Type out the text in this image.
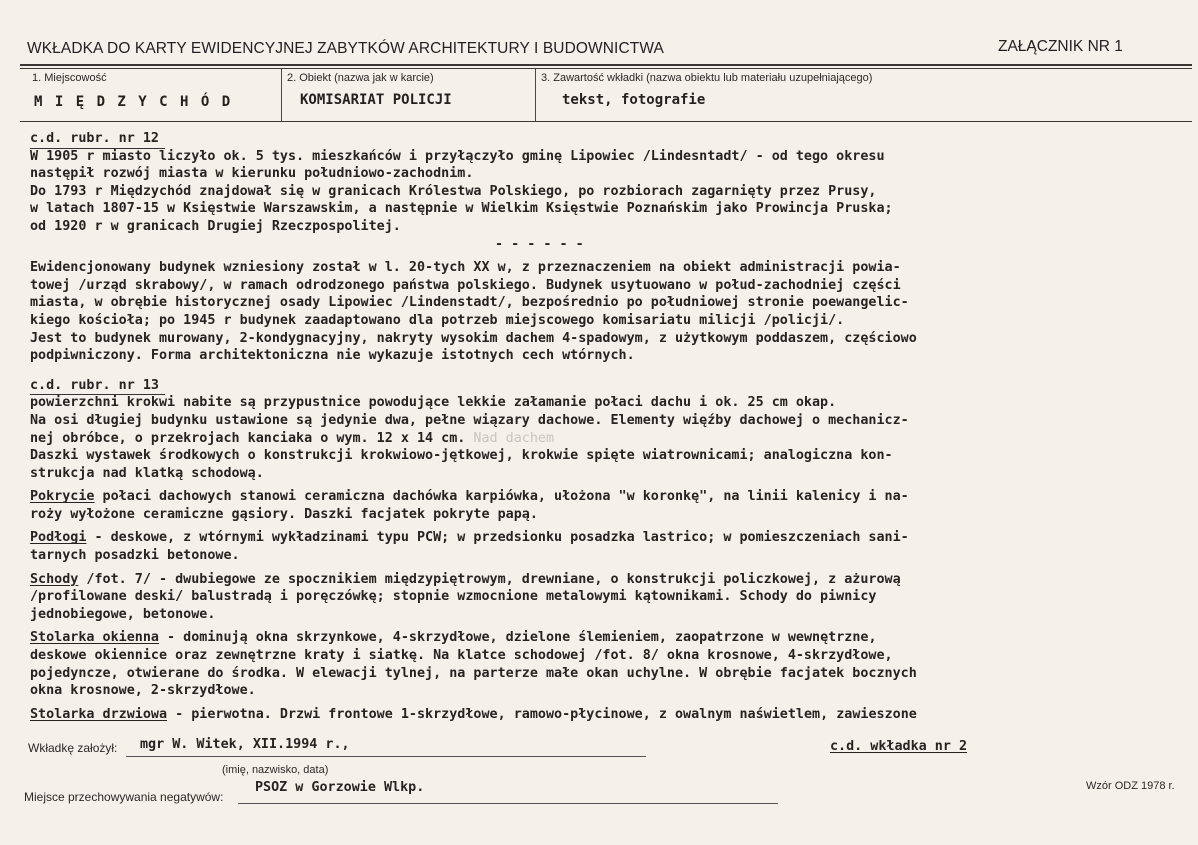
WKŁADKA DO KARTY EWIDENCYJNEJ ZABYTKÓW ARCHITEKTURY I BUDOWNICTWA	ZAŁĄCZNIK NR 1
1. Miejscowość
M I Ę D Z Y C H Ó D
2. Obiekt (nazwa jak w karcie)
KOMISARIAT POLICJI
3. Zawartość wkładki (nazwa obiektu lub materiału uzupełniającego)
tekst, fotografie
c.d. rubr. nr 12
W 1905 r miasto liczyło ok. 5 tys. mieszkańców i przyłączyło gminę Lipowiec /Lindesntadt/ - od tego okresu
następił rozwój miasta w kierunku południowo-zachodnim.
Do 1793 r Międzychód znajdował się w granicach Królestwa Polskiego, po rozbiorach zagarnięty przez Prusy,
w latach 1807-15 w Księstwie Warszawskim, a następnie w Wielkim Księstwie Poznańskim jako Prowincja Pruska;
od 1920 r w granicach Drugiej Rzeczpospolitej.
- - - - - -
Ewidencjonowany budynek wzniesiony został w l. 20-tych XX w, z przeznaczeniem na obiekt administracji powia-
towej /urząd skrabowy/, w ramach odrodzonego państwa polskiego. Budynek usytuowano w połud-zachodniej części
miasta, w obrębie historycznej osady Lipowiec /Lindenstadt/, bezpośrednio po południowej stronie poewangelic-
kiego kościoła; po 1945 r budynek zaadaptowano dla potrzeb miejscowego komisariatu milicji /policji/.
Jest to budynek murowany, 2-kondygnacyjny, nakryty wysokim dachem 4-spadowym, z użytkowym poddaszem, częściowo
podpiwniczony. Forma architektoniczna nie wykazuje istotnych cech wtórnych.
c.d. rubr. nr 13
powierzchni krokwi nabite są przypustnice powodujące lekkie załamanie połaci dachu i ok. 25 cm okap.
Na osi długiej budynku ustawione są jedynie dwa, pełne wiązary dachowe. Elementy więźby dachowej o mechanicz-
nej obróbce, o przekrojach kanciaka o wym. 12 x 14 cm. Nad dachem
Daszki wystawek środkowych o konstrukcji krokwiowo-jętkowej, krokwie spięte wiatrownicami; analogiczna kon-
strukcja nad klatką schodową.
Pokrycie połaci dachowych stanowi ceramiczna dachówka karpiówka, ułożona "w koronkę", na linii kalenicy i na-
roży wyłożone ceramiczne gąsiory. Daszki facjatek pokryte papą.
Podłogi - deskowe, z wtórnymi wykładzinami typu PCW; w przedsionku posadzka lastrico; w pomieszczeniach sani-
tarnych posadzki betonowe.
Schody /fot. 7/ - dwubiegowe ze spocznikiem międzypiętrowym, drewniane, o konstrukcji policzkowej, z ażurową
/profilowane deski/ balustradą i poręczówkę; stopnie wzmocnione metalowymi kątownikami. Schody do piwnicy
jednobiegowe, betonowe.
Stolarka okienna - dominują okna skrzynkowe, 4-skrzydłowe, dzielone ślemieniem, zaopatrzone w wewnętrzne,
deskowe okiennice oraz zewnętrzne kraty i siatkę. Na klatce schodowej /fot. 8/ okna krosnowe, 4-skrzydłowe,
pojedyncze, otwierane do środka. W elewacji tylnej, na parterze małe okan uchylne. W obrębie facjatek bocznych
okna krosnowe, 2-skrzydłowe.
Stolarka drzwiowa - pierwotna. Drzwi frontowe 1-skrzydłowe, ramowo-płycinowe, z owalnym naświetlem, zawieszone
Wkładkę założył: mgr W. Witek, XII.1994 r.,
(imię, nazwisko, data)
c.d. wkładka nr 2
Miejsce przechowywania negatywów:
PSOZ w Gorzowie Wlkp.	Wzór ODZ 1978 r.
